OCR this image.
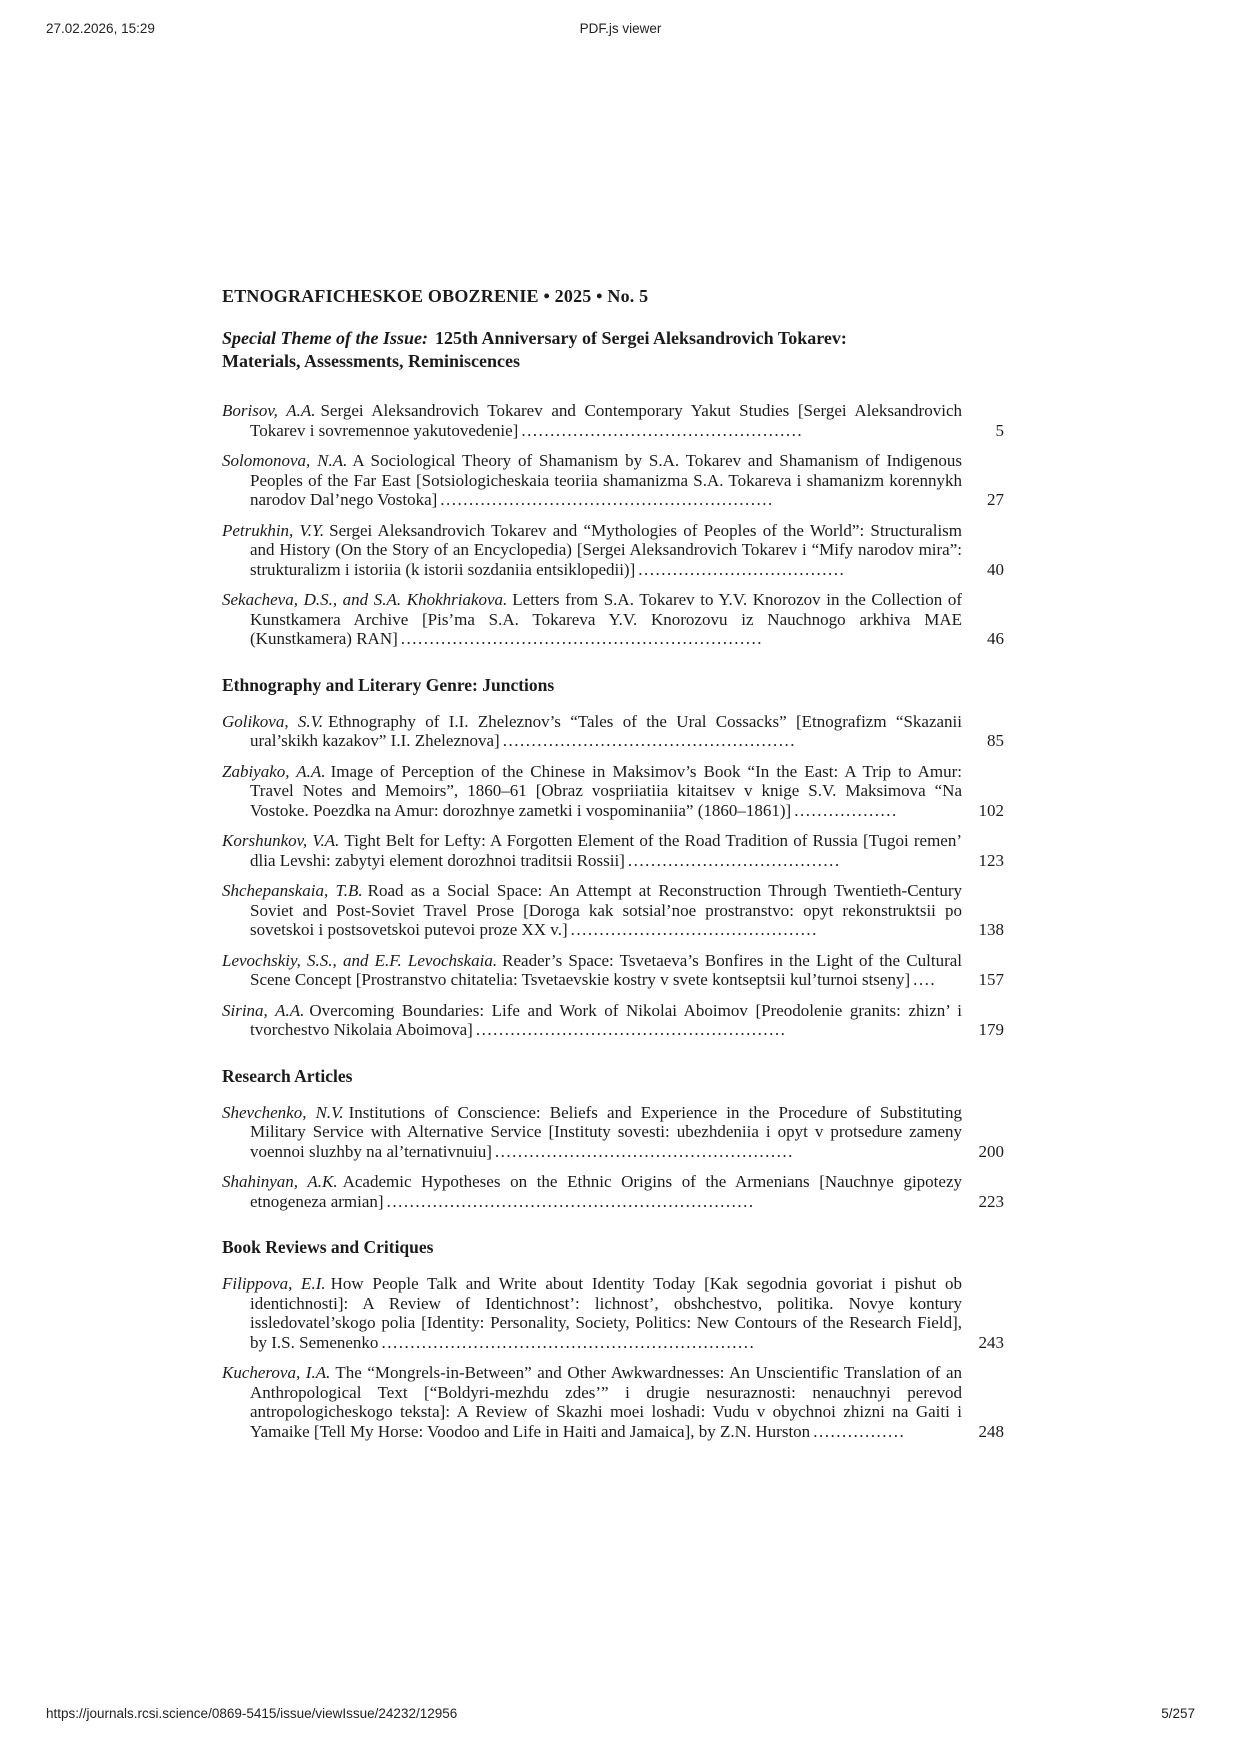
27.02.2026, 15:29	PDF.js viewer
ETNOGRAFICHESKOE OBOZRENIE • 2025 • No. 5

Special Theme of the Issue: 125th Anniversary of Sergei Aleksandrovich Tokarev:
Materials, Assessments, Reminiscences

Borisov, A.A. Sergei Aleksandrovich Tokarev and Contemporary Yakut Studies [Sergei Aleksandrovich Tokarev i sovremennoe yakutovedenie] .................................................	5

Solomonova, N.A. A Sociological Theory of Shamanism by S.A. Tokarev and Shamanism of Indigenous Peoples of the Far East [Sotsiologicheskaia teoriia shamanizma S.A. Tokareva i shamanizm korennykh narodov Dal’nego Vostoka] ..........................................................	27

Petrukhin, V.Y. Sergei Aleksandrovich Tokarev and “Mythologies of Peoples of the World”: Structuralism and History (On the Story of an Encyclopedia) [Sergei Aleksandrovich Tokarev i “Mify narodov mira”: strukturalizm i istoriia (k istorii sozdaniia entsiklopedii)] ....................................	40

Sekacheva, D.S., and S.A. Khokhriakova. Letters from S.A. Tokarev to Y.V. Knorozov in the Collection of Kunstkamera Archive [Pis’ma S.A. Tokareva Y.V. Knorozovu iz Nauchnogo arkhiva MAE (Kunstkamera) RAN] ...............................................................	46
Ethnography and Literary Genre: Junctions

Golikova, S.V. Ethnography of I.I. Zheleznov’s “Tales of the Ural Cossacks” [Etnografizm “Skazanii ural’skikh kazakov” I.I. Zheleznova] ...................................................	85

Zabiyako, A.A. Image of Perception of the Chinese in Maksimov’s Book “In the East: A Trip to Amur: Travel Notes and Memoirs”, 1860–61 [Obraz vospriiatiia kitaitsev v knige S.V. Maksimova “Na Vostoke. Poezdka na Amur: dorozhnye zametki i vospominaniia” (1860–1861)] ..................	102

Korshunkov, V.A. Tight Belt for Lefty: A Forgotten Element of the Road Tradition of Russia [Tugoi remen’ dlia Levshi: zabytyi element dorozhnoi traditsii Rossii] .....................................	123

Shchepanskaia, T.B. Road as a Social Space: An Attempt at Reconstruction Through Twentieth-Century Soviet and Post-Soviet Travel Prose [Doroga kak sotsial’noe prostranstvo: opyt rekonstruktsii po sovetskoi i postsovetskoi putevoi proze XX v.] ...........................................	138

Levochskiy, S.S., and E.F. Levochskaia. Reader’s Space: Tsvetaeva’s Bonfires in the Light of the Cultural Scene Concept [Prostranstvo chitatelia: Tsvetaevskie kostry v svete kontseptsii kul’turnoi stseny] ....	157

Sirina, A.A. Overcoming Boundaries: Life and Work of Nikolai Aboimov [Preodolenie granits: zhizn’ i tvorchestvo Nikolaia Aboimova] ......................................................	179
Research Articles

Shevchenko, N.V. Institutions of Conscience: Beliefs and Experience in the Procedure of Substituting Military Service with Alternative Service [Instituty sovesti: ubezhdeniia i opyt v protsedure zameny voennoi sluzhby na al’ternativnuiu] ....................................................	200

Shahinyan, A.K. Academic Hypotheses on the Ethnic Origins of the Armenians [Nauchnye gipotezy etnogeneza armian] ................................................................	223
Book Reviews and Critiques

Filippova, E.I. How People Talk and Write about Identity Today [Kak segodnia govoriat i pishut ob identichnosti]: A Review of Identichnost’: lichnost’, obshchestvo, politika. Novye kontury issledovatel’skogo polia [Identity: Personality, Society, Politics: New Contours of the Research Field], by I.S. Semenenko .................................................................	243

Kucherova, I.A. The “Mongrels-in-Between” and Other Awkwardnesses: An Unscientific Translation of an Anthropological Text [“Boldyri-mezhdu zdes’” i drugie nesuraznosti: nenauchnyi perevod antropologicheskogo teksta]: A Review of Skazhi moei loshadi: Vudu v obychnoi zhizni na Gaiti i Yamaike [Tell My Horse: Voodoo and Life in Haiti and Jamaica], by Z.N. Hurston ................	248
https://journals.rcsi.science/0869-5415/issue/viewIssue/24232/12956	5/257
